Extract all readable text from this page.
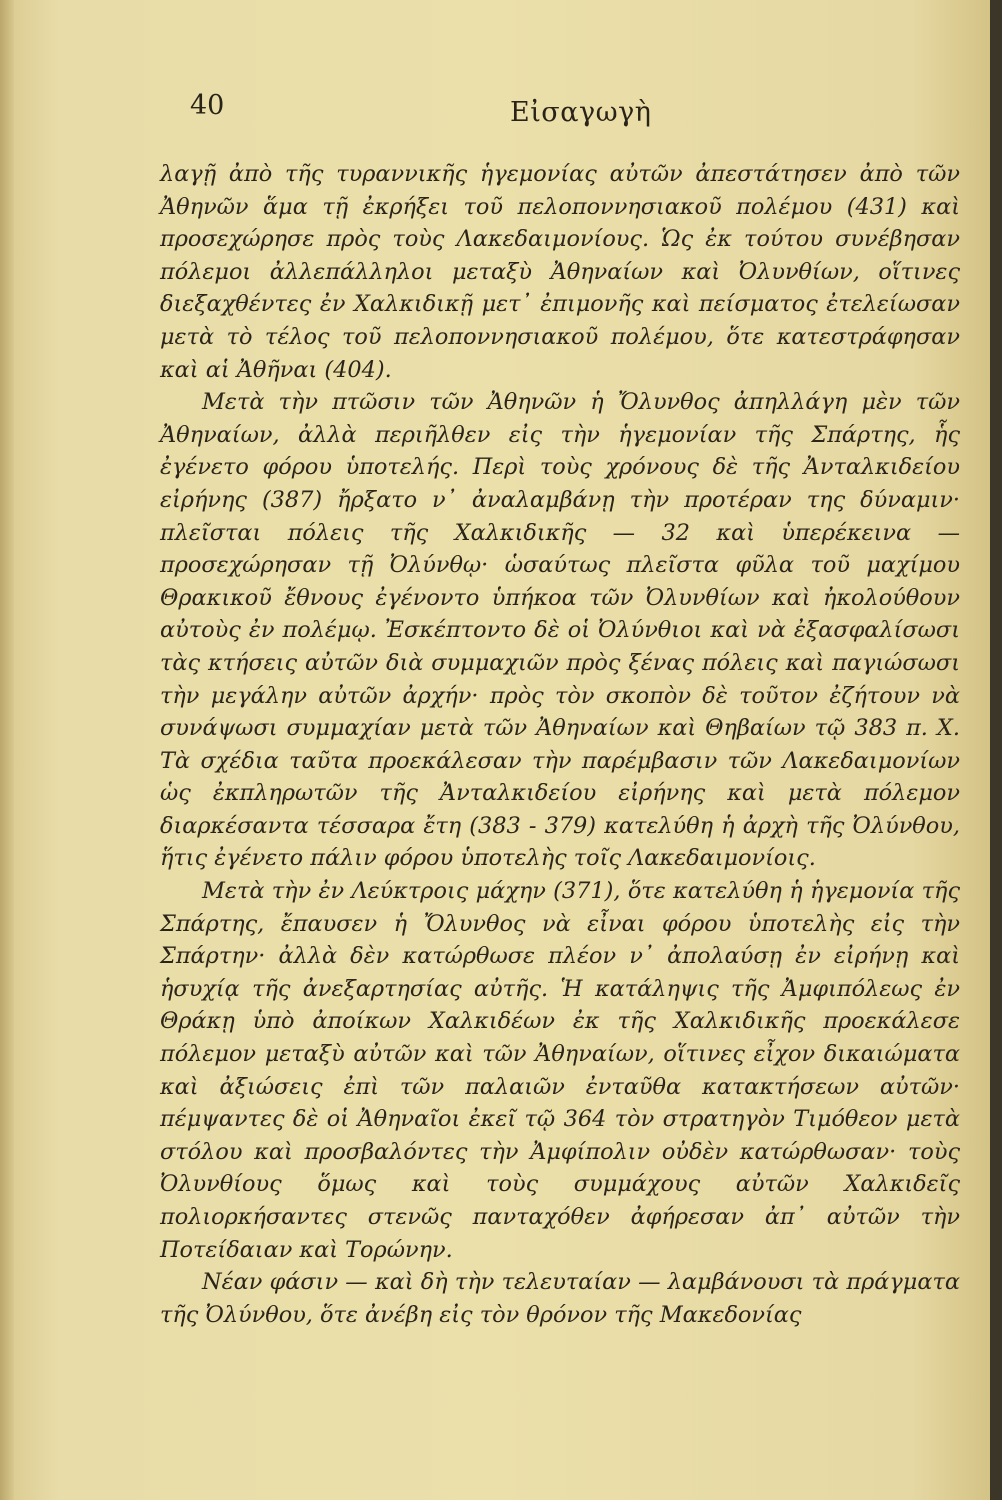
40	Εἰσαγωγὴ

λαγῇ ἀπὸ τῆς τυραννικῆς ἡγεμονίας αὐτῶν ἀπεστάτησεν ἀπὸ τῶν Ἀθηνῶν ἅμα τῇ ἐκρήξει τοῦ πελοποννησιακοῦ πολέμου (431) καὶ προσεχώρησε πρὸς τοὺς Λακεδαιμονίους. Ὡς ἐκ τούτου συνέβησαν πόλεμοι ἀλλεπάλληλοι μεταξὺ Ἀθηναίων καὶ Ὀλυνθίων, οἵτινες διεξαχθέντες ἐν Χαλκιδικῇ μετ᾽ ἐπιμονῆς καὶ πείσματος ἐτελείωσαν μετὰ τὸ τέλος τοῦ πελοποννησιακοῦ πολέμου, ὅτε κατεστράφησαν καὶ αἱ Ἀθῆναι (404).

Μετὰ τὴν πτῶσιν τῶν Ἀθηνῶν ἡ Ὄλυνθος ἀπηλλάγη μὲν τῶν Ἀθηναίων, ἀλλὰ περιῆλθεν εἰς τὴν ἡγεμονίαν τῆς Σπάρτης, ἧς ἐγένετο φόρου ὑποτελής. Περὶ τοὺς χρόνους δὲ τῆς Ἀνταλκιδείου εἰρήνης (387) ἤρξατο ν᾽ ἀναλαμβάνῃ τὴν προτέραν της δύναμιν· πλεῖσται πόλεις τῆς Χαλκιδικῆς — 32 καὶ ὑπερέκεινα — προσεχώρησαν τῇ Ὀλύνθῳ· ὡσαύτως πλεῖστα φῦλα τοῦ μαχίμου Θρακικοῦ ἔθνους ἐγένοντο ὑπήκοα τῶν Ὀλυνθίων καὶ ἠκολούθουν αὐτοὺς ἐν πολέμῳ. Ἐσκέπτοντο δὲ οἱ Ὀλύνθιοι καὶ νὰ ἐξασφαλίσωσι τὰς κτήσεις αὐτῶν διὰ συμμαχιῶν πρὸς ξένας πόλεις καὶ παγιώσωσι τὴν μεγάλην αὐτῶν ἀρχήν· πρὸς τὸν σκοπὸν δὲ τοῦτον ἐζήτουν νὰ συνάψωσι συμμαχίαν μετὰ τῶν Ἀθηναίων καὶ Θηβαίων τῷ 383 π. Χ. Τὰ σχέδια ταῦτα προεκάλεσαν τὴν παρέμβασιν τῶν Λακεδαιμονίων ὡς ἐκπληρωτῶν τῆς Ἀνταλκιδείου εἰρήνης καὶ μετὰ πόλεμον διαρκέσαντα τέσσαρα ἔτη (383 - 379) κατελύθη ἡ ἀρχὴ τῆς Ὀλύνθου, ἥτις ἐγένετο πάλιν φόρου ὑποτελὴς τοῖς Λακεδαιμονίοις.

Μετὰ τὴν ἐν Λεύκτροις μάχην (371), ὅτε κατελύθη ἡ ἡγεμονία τῆς Σπάρτης, ἔπαυσεν ἡ Ὄλυνθος νὰ εἶναι φόρου ὑποτελὴς εἰς τὴν Σπάρτην· ἀλλὰ δὲν κατώρθωσε πλέον ν᾽ ἀπολαύσῃ ἐν εἰρήνῃ καὶ ἡσυχίᾳ τῆς ἀνεξαρτησίας αὐτῆς. Ἡ κατάληψις τῆς Ἀμφιπόλεως ἐν Θράκῃ ὑπὸ ἀποίκων Χαλκιδέων ἐκ τῆς Χαλκιδικῆς προεκάλεσε πόλεμον μεταξὺ αὐτῶν καὶ τῶν Ἀθηναίων, οἵτινες εἶχον δικαιώματα καὶ ἀξιώσεις ἐπὶ τῶν παλαιῶν ἐνταῦθα κατακτήσεων αὐτῶν· πέμψαντες δὲ οἱ Ἀθηναῖοι ἐκεῖ τῷ 364 τὸν στρατηγὸν Τιμόθεον μετὰ στόλου καὶ προσβαλόντες τὴν Ἀμφίπολιν οὐδὲν κατώρθωσαν· τοὺς Ὀλυνθίους ὅμως καὶ τοὺς συμμάχους αὐτῶν Χαλκιδεῖς πολιορκήσαντες στενῶς πανταχόθεν ἀφήρεσαν ἀπ᾽ αὐτῶν τὴν Ποτείδαιαν καὶ Τορώνην.

Νέαν φάσιν — καὶ δὴ τὴν τελευταίαν — λαμβάνουσι τὰ πράγματα τῆς Ὀλύνθου, ὅτε ἀνέβη εἰς τὸν θρόνον τῆς Μακεδονίας
